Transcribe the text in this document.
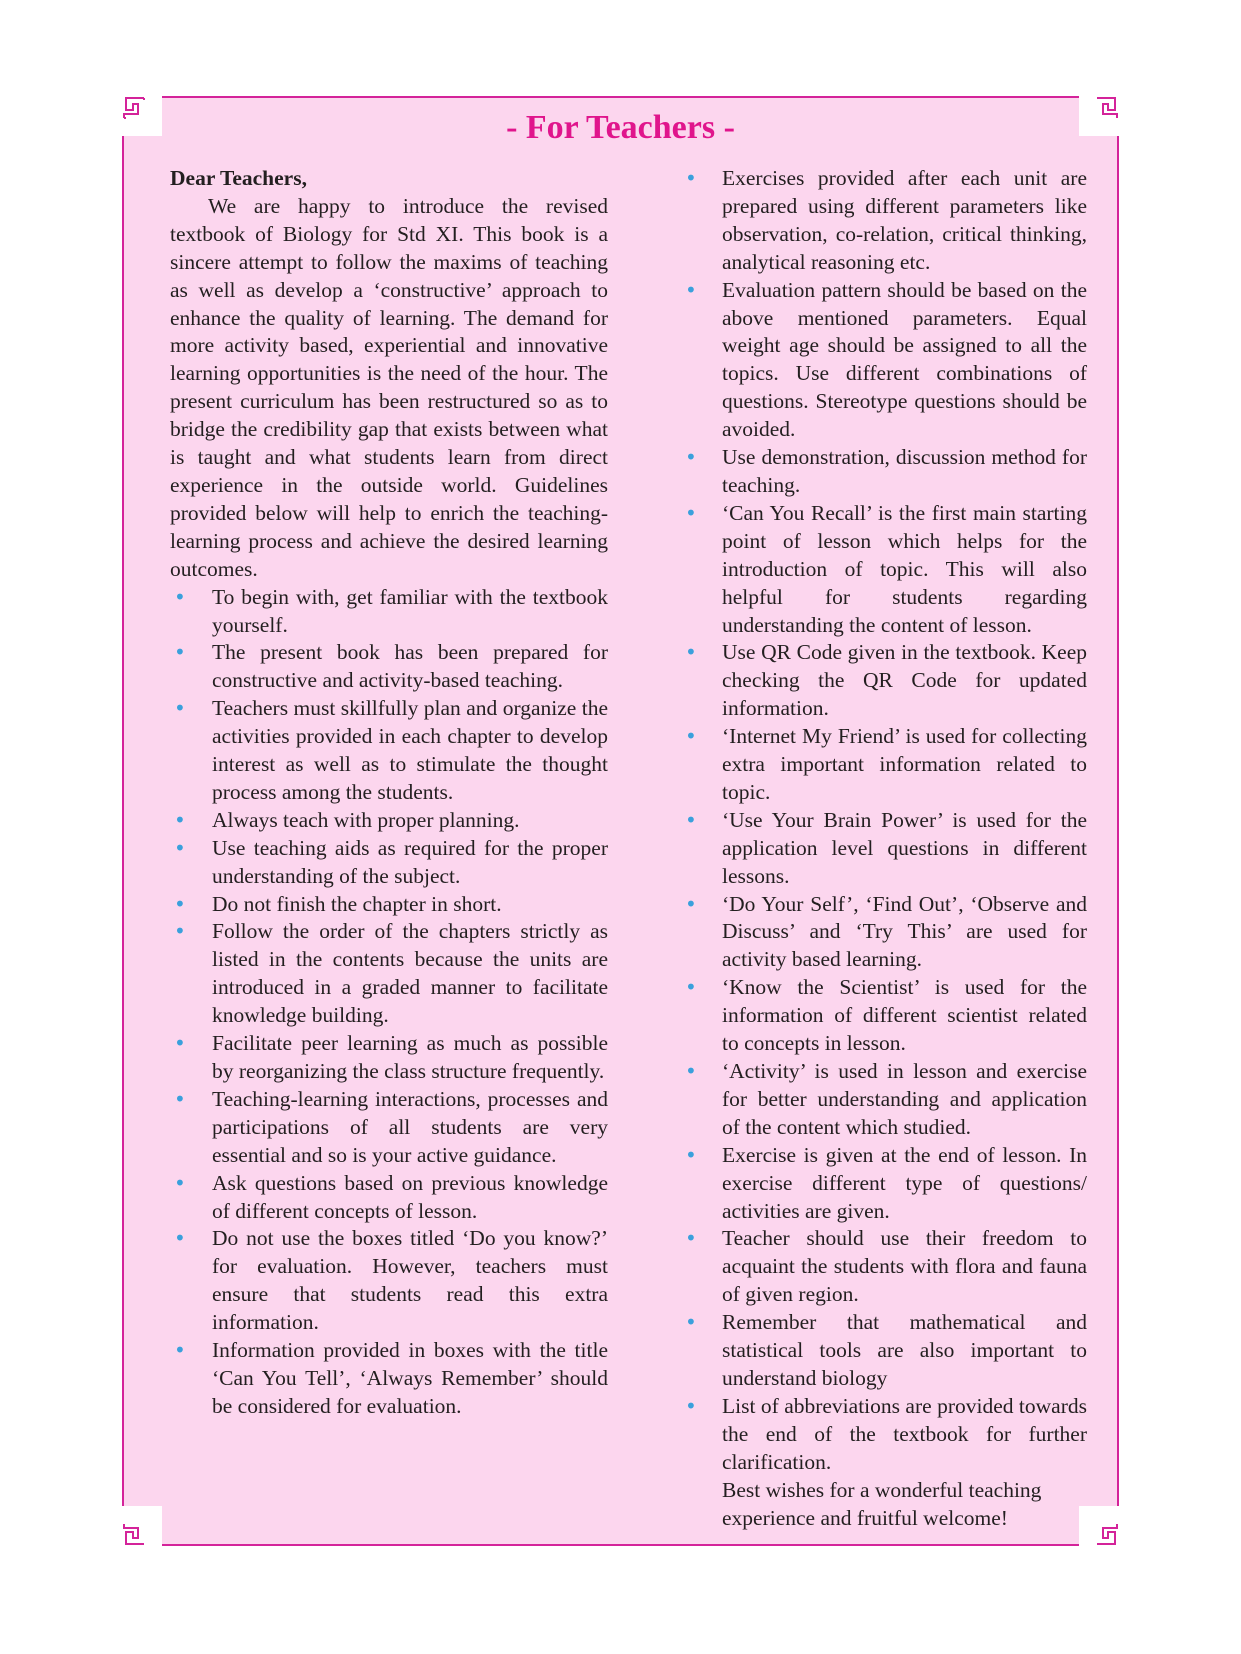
- For Teachers -

Dear Teachers,

We are happy to introduce the revised textbook of Biology for Std XI. This book is a sincere attempt to follow the maxims of teaching as well as develop a ‘constructive’ approach to enhance the quality of learning. The demand for more activity based, experiential and innovative learning opportunities is the need of the hour. The present curriculum has been restructured so as to bridge the credibility gap that exists between what is taught and what students learn from direct experience in the outside world. Guidelines provided below will help to enrich the teaching-learning process and achieve the desired learning outcomes.

• To begin with, get familiar with the textbook yourself.
• The present book has been prepared for constructive and activity-based teaching.
• Teachers must skillfully plan and organize the activities provided in each chapter to develop interest as well as to stimulate the thought process among the students.
• Always teach with proper planning.
• Use teaching aids as required for the proper understanding of the subject.
• Do not finish the chapter in short.
• Follow the order of the chapters strictly as listed in the contents because the units are introduced in a graded manner to facilitate knowledge building.
• Facilitate peer learning as much as possible by reorganizing the class structure frequently.
• Teaching-learning interactions, processes and participations of all students are very essential and so is your active guidance.
• Ask questions based on previous knowledge of different concepts of lesson.
• Do not use the boxes titled ‘Do you know?’ for evaluation. However, teachers must ensure that students read this extra information.
• Information provided in boxes with the title ‘Can You Tell’, ‘Always Remember’ should be considered for evaluation.
• Exercises provided after each unit are prepared using different parameters like observation, co-relation, critical thinking, analytical reasoning etc.
• Evaluation pattern should be based on the above mentioned parameters. Equal weight age should be assigned to all the topics. Use different combinations of questions. Stereotype questions should be avoided.
• Use demonstration, discussion method for teaching.
• ‘Can You Recall’ is the first main starting point of lesson which helps for the introduction of topic. This will also helpful for students regarding understanding the content of lesson.
• Use QR Code given in the textbook. Keep checking the QR Code for updated information.
• ‘Internet My Friend’ is used for collecting extra important information related to topic.
• ‘Use Your Brain Power’ is used for the application level questions in different lessons.
• ‘Do Your Self’, ‘Find Out’, ‘Observe and Discuss’ and ‘Try This’ are used for activity based learning.
• ‘Know the Scientist’ is used for the information of different scientist related to concepts in lesson.
• ‘Activity’ is used in lesson and exercise for better understanding and application of the content which studied.
• Exercise is given at the end of lesson. In exercise different type of questions/ activities are given.
• Teacher should use their freedom to acquaint the students with flora and fauna of given region.
• Remember that mathematical and statistical tools are also important to understand biology
• List of abbreviations are provided towards the end of the textbook for further clarification.

Best wishes for a wonderful teaching experience and fruitful welcome!
